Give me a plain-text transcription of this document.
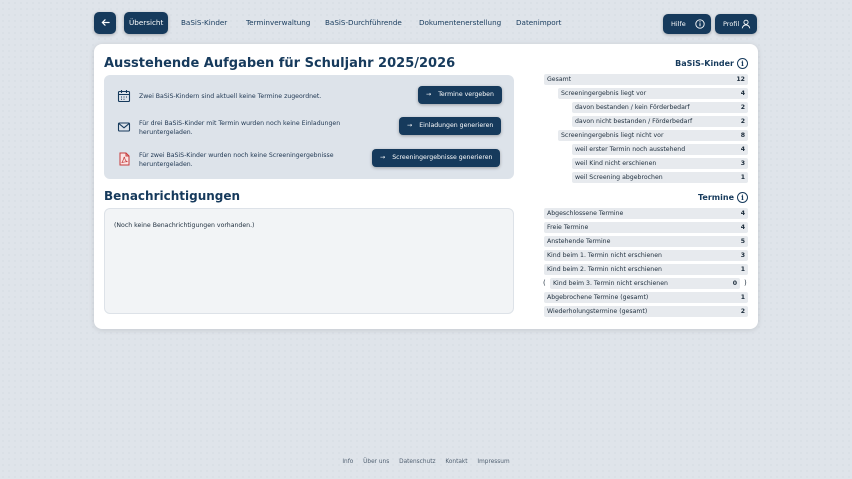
Übersicht	BaSiS-Kinder	Terminverwaltung BaSiS-Durchführende Dokumentenerstellung Datenimport	Hilfe	Profil
Ausstehende Aufgaben für Schuljahr 2025/2026
Zwei BaSiS-Kindern sind aktuell keine Termine zugeordnet.	→ Termine vergeben
Für drei BaSiS-Kinder mit Termin wurden noch keine Einladungen heruntergeladen.
→ Einladungen generieren
Für zwei BaSiS-Kinder wurden noch keine Screeningergebnisse heruntergeladen.
→ Screeningergebnisse generieren
Benachrichtigungen
(Noch keine Benachrichtigungen vorhanden.)
BaSiS-Kinder i
Gesamt	12
Screeningergebnis liegt vor	4
davon bestanden / kein Förderbedarf	2
davon nicht bestanden / Förderbedarf	2
Screeningergebnis liegt nicht vor	8
weil erster Termin noch ausstehend	4
weil Kind nicht erschienen	3
weil Screening abgebrochen	1
Termine i
Abgeschlossene Termine	4
Freie Termine	4
Anstehende Termine	5
Kind beim 1. Termin nicht erschienen	3
Kind beim 2. Termin nicht erschienen	1
( Kind beim 3. Termin nicht erschienen	0 )
Abgebrochene Termine (gesamt)	1
Wiederholungstermine (gesamt)	2
Info Über uns Datenschutz Kontakt Impressum
